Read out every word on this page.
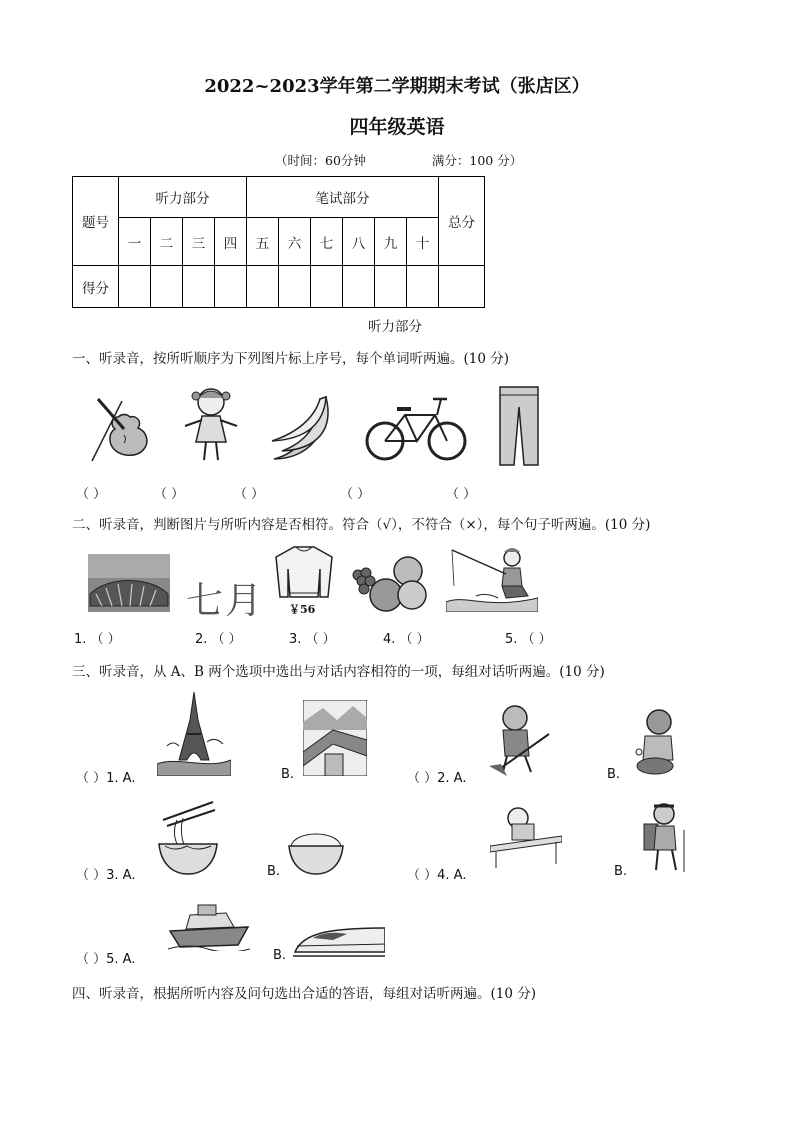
2022~2023学年第二学期期末考试（张店区）
四年级英语
（时间：60分钟	满分：100 分）
题号	听力部分				笔试部分						总分
	一	二	三	四	五	六	七	八	九	十	
得分											
听力部分
一、听录音，按所听顺序为下列图片标上序号，每个单词听两遍。(10 分)
（ ）	（ ）	（ ）	（ ）	（ ）
二、听录音，判断图片与所听内容是否相符。符合（√），不符合（×），每个句子听两遍。(10 分)
七月 ￥56
1. （ ）	2. （ ）	3. （ ）	4. （ ）	5. （ ）
三、听录音，从 A、B 两个选项中选出与对话内容相符的一项，每组对话听两遍。(10 分)
（ ）1. A.	B.	（ ）2. A.	B.
（ ）3. A.	B.	（ ）4. A.	B.
（ ）5. A.	B.
四、听录音，根据所听内容及问句选出合适的答语，每组对话听两遍。(10 分)
